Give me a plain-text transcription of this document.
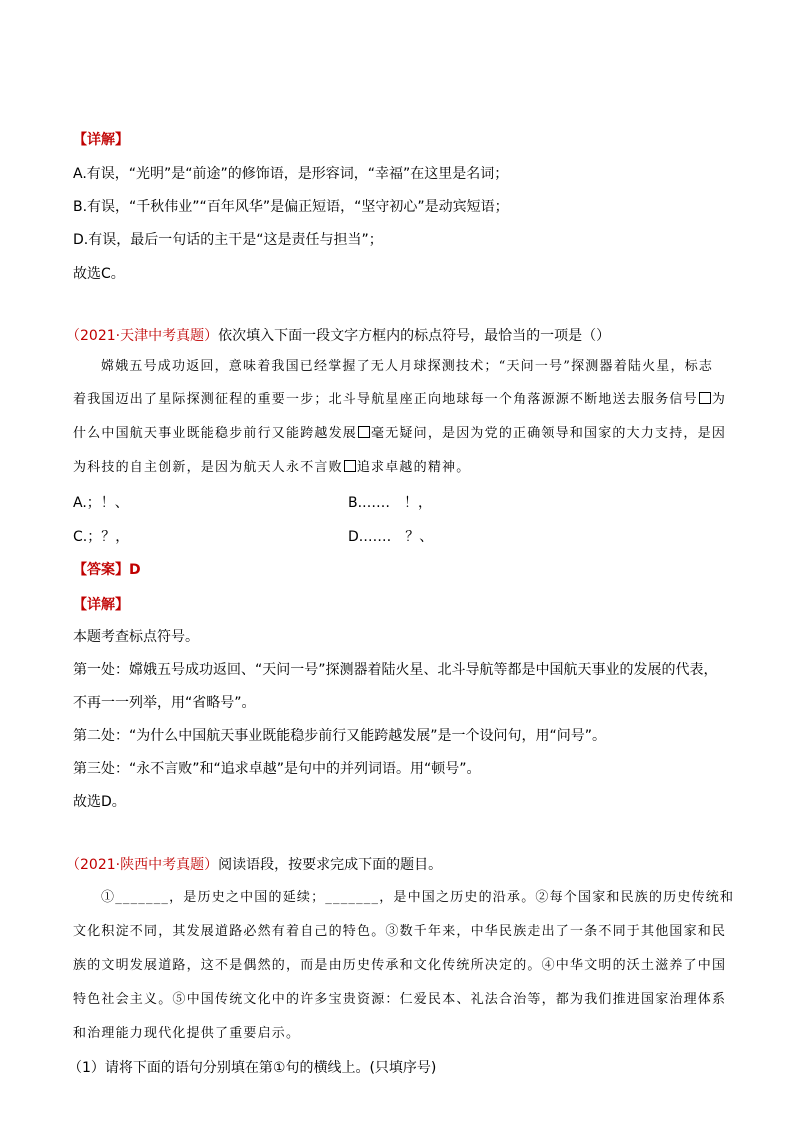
【详解】
A.有误，“光明”是“前途”的修饰语，是形容词，“幸福”在这里是名词；
B.有误，“千秋伟业”“百年风华”是偏正短语，“坚守初心”是动宾短语；
D.有误，最后一句话的主干是“这是责任与担当”；
故选C。
（2021·天津中考真题）依次填入下面一段文字方框内的标点符号，最恰当的一项是（）
嫦娥五号成功返回，意味着我国已经掌握了无人月球探测技术；“天问一号”探测器着陆火星，标志
着我国迈出了星际探测征程的重要一步；北斗导航星座正向地球每一个角落源源不断地送去服务信号 为
什么中国航天事业既能稳步前行又能跨越发展 毫无疑问，是因为党的正确领导和国家的大力支持，是因
为科技的自主创新，是因为航天人永不言败 追求卓越的精神。
A.；！、	B.……　！，
C.；？，	D.……　？、
【答案】D
【详解】
本题考查标点符号。
第一处：嫦娥五号成功返回、“天问一号”探测器着陆火星、北斗导航等都是中国航天事业的发展的代表，
不再一一列举，用“省略号”。
第二处：“为什么中国航天事业既能稳步前行又能跨越发展”是一个设问句，用“问号”。
第三处：“永不言败”和“追求卓越”是句中的并列词语。用“顿号”。
故选D。
（2021·陕西中考真题）阅读语段，按要求完成下面的题目。
①_______，是历史之中国的延续；_______，是中国之历史的沿承。②每个国家和民族的历史传统和
文化积淀不同，其发展道路必然有着自己的特色。③数千年来，中华民族走出了一条不同于其他国家和民
族的文明发展道路，这不是偶然的，而是由历史传承和文化传统所决定的。④中华文明的沃土滋养了中国
特色社会主义。⑤中国传统文化中的许多宝贵资源：仁爱民本、礼法合治等，都为我们推进国家治理体系
和治理能力现代化提供了重要启示。
（1）请将下面的语句分别填在第①句的横线上。(只填序号)
